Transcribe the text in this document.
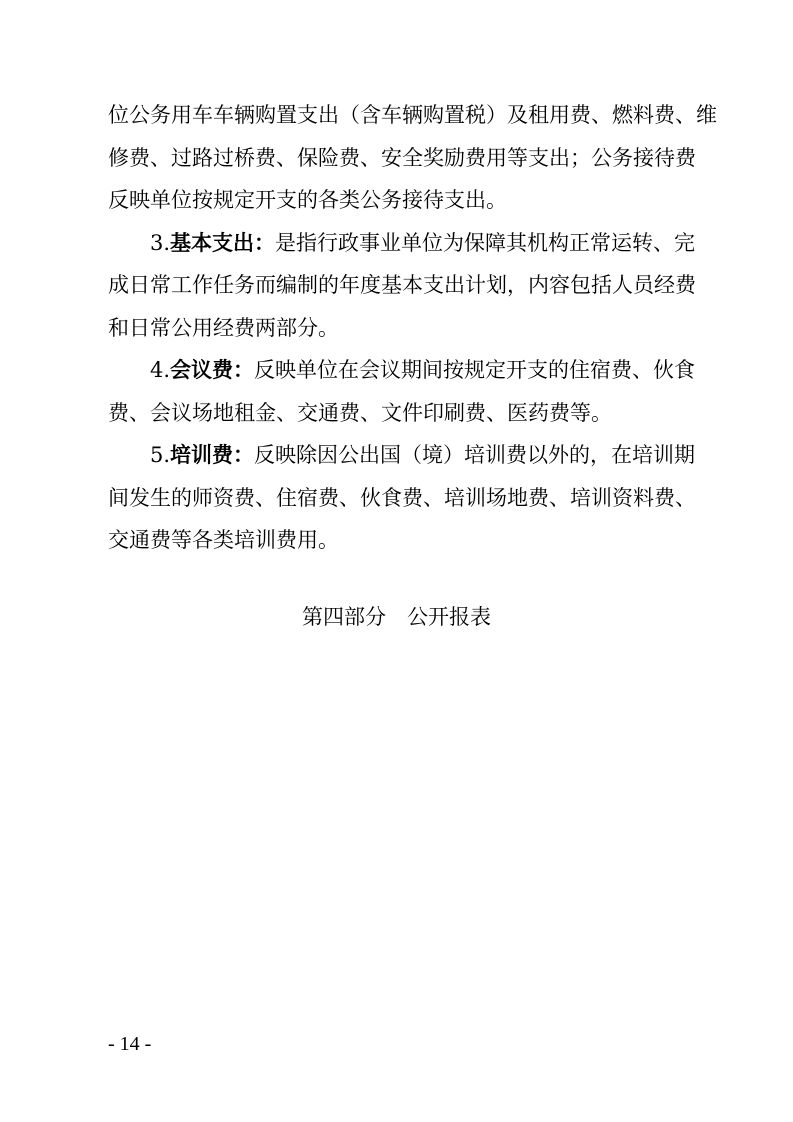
位公务用车车辆购置支出（含车辆购置税）及租用费、燃料费、维
修费、过路过桥费、保险费、安全奖励费用等支出；公务接待费
反映单位按规定开支的各类公务接待支出。
3.基本支出：是指行政事业单位为保障其机构正常运转、完
成日常工作任务而编制的年度基本支出计划，内容包括人员经费
和日常公用经费两部分。
4.会议费：反映单位在会议期间按规定开支的住宿费、伙食
费、会议场地租金、交通费、文件印刷费、医药费等。
5.培训费：反映除因公出国（境）培训费以外的，在培训期
间发生的师资费、住宿费、伙食费、培训场地费、培训资料费、
交通费等各类培训费用。
第四部分　公开报表
- 14 -
